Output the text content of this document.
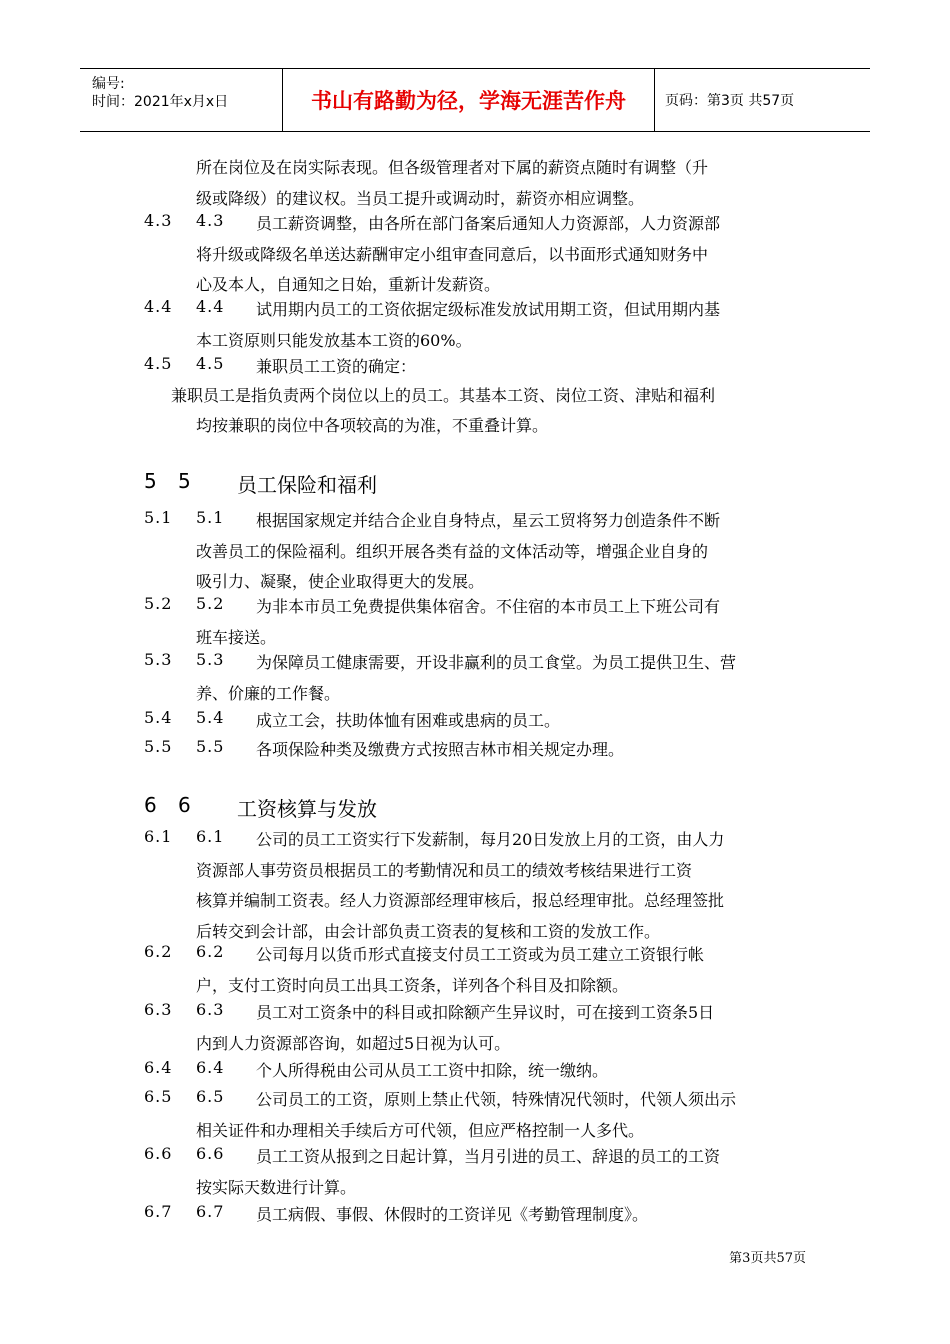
编号:
时间：2021年x月x日	书山有路勤为径，学海无涯苦作舟	页码：第3页 共57页
所在岗位及在岗实际表现。但各级管理者对下属的薪资点随时有调整（升
级或降级）的建议权。当员工提升或调动时，薪资亦相应调整。
4.3 4.3 员工薪资调整，由各所在部门备案后通知人力资源部，人力资源部
将升级或降级名单送达薪酬审定小组审查同意后，以书面形式通知财务中
心及本人，自通知之日始，重新计发薪资。
4.4 4.4 试用期内员工的工资依据定级标准发放试用期工资，但试用期内基
本工资原则只能发放基本工资的60%。
4.5 4.5 兼职员工工资的确定：
兼职员工是指负责两个岗位以上的员工。其基本工资、岗位工资、津贴和福利
均按兼职的岗位中各项较高的为准，不重叠计算。
5 5 员工保险和福利
5.1 5.1 根据国家规定并结合企业自身特点，星云工贸将努力创造条件不断
改善员工的保险福利。组织开展各类有益的文体活动等，增强企业自身的
吸引力、凝聚，使企业取得更大的发展。
5.2 5.2 为非本市员工免费提供集体宿舍。不住宿的本市员工上下班公司有
班车接送。
5.3 5.3 为保障员工健康需要，开设非赢利的员工食堂。为员工提供卫生、营
养、价廉的工作餐。
5.4 5.4 成立工会，扶助体恤有困难或患病的员工。
5.5 5.5 各项保险种类及缴费方式按照吉林市相关规定办理。
6 6 工资核算与发放
6.1 6.1 公司的员工工资实行下发薪制，每月20日发放上月的工资，由人力
资源部人事劳资员根据员工的考勤情况和员工的绩效考核结果进行工资
核算并编制工资表。经人力资源部经理审核后，报总经理审批。总经理签批
后转交到会计部，由会计部负责工资表的复核和工资的发放工作。
6.2 6.2 公司每月以货币形式直接支付员工工资或为员工建立工资银行帐
户，支付工资时向员工出具工资条，详列各个科目及扣除额。
6.3 6.3 员工对工资条中的科目或扣除额产生异议时，可在接到工资条5日
内到人力资源部咨询，如超过5日视为认可。
6.4 6.4 个人所得税由公司从员工工资中扣除，统一缴纳。
6.5 6.5 公司员工的工资，原则上禁止代领，特殊情况代领时，代领人须出示
相关证件和办理相关手续后方可代领，但应严格控制一人多代。
6.6 6.6 员工工资从报到之日起计算，当月引进的员工、辞退的员工的工资
按实际天数进行计算。
6.7 6.7 员工病假、事假、休假时的工资详见《考勤管理制度》。
第3页共57页
